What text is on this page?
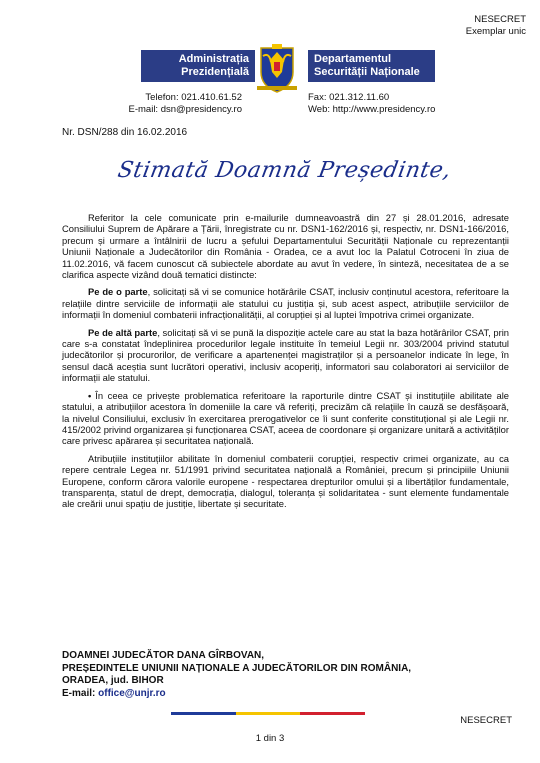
NESECRET
Exemplar unic
Administrația
Prezidențială
Departamentul
Securității Naționale
Telefon: 021.410.61.52
E-mail: dsn@presidency.ro
Fax: 021.312.11.60
Web: http://www.presidency.ro
Nr. DSN/288 din 16.02.2016
Stimată Doamnă Președinte,

Referitor la cele comunicate prin e-mailurile dumneavoastră din 27 și 28.01.2016, adresate Consiliului Suprem de Apărare a Țării, înregistrate cu nr. DSN1-162/2016 și, respectiv, nr. DSN1-166/2016, precum și urmare a întâlnirii de lucru a șefului Departamentului Securității Naționale cu reprezentanții Uniunii Naționale a Judecătorilor din România - Oradea, ce a avut loc la Palatul Cotroceni în ziua de 11.02.2016, vă facem cunoscut că subiectele abordate au avut în vedere, în sinteză, necesitatea de a se clarifica aspecte vizând două tematici distincte:

Pe de o parte, solicitați să vi se comunice hotărârile CSAT, inclusiv conținutul acestora, referitoare la relațiile dintre serviciile de informații ale statului cu justiția și, sub acest aspect, atribuțiile serviciilor de informații în domeniul combaterii infracționalității, al corupției și al luptei împotriva crimei organizate.

Pe de altă parte, solicitați să vi se pună la dispoziție actele care au stat la baza hotărârilor CSAT, prin care s-a constatat îndeplinirea procedurilor legale instituite în temeiul Legii nr. 303/2004 privind statutul judecătorilor și procurorilor, de verificare a apartenenței magistraților și a persoanelor indicate în lege, în sensul dacă aceștia sunt lucrători operativi, inclusiv acoperiți, informatori sau colaboratori ai serviciilor de informații ale statului.

• În ceea ce privește problematica referitoare la raporturile dintre CSAT și instituțiile abilitate ale statului, a atribuțiilor acestora în domeniile la care vă referiți, precizăm că relațiile în cauză se desfășoară, la nivelul Consiliului, exclusiv în exercitarea prerogativelor ce îi sunt conferite constituțional și ale Legii nr. 415/2002 privind organizarea și funcționarea CSAT, aceea de coordonare și organizare unitară a activităților care privesc apărarea și securitatea națională.

Atribuțiile instituțiilor abilitate în domeniul combaterii corupției, respectiv crimei organizate, au ca repere centrale Legea nr. 51/1991 privind securitatea națională a României, precum și principiile Uniunii Europene, conform cărora valorile europene - respectarea drepturilor omului și a libertăților fundamentale, transparența, statul de drept, democrația, dialogul, toleranța și solidaritatea - sunt elemente fundamentale ale creării unui spațiu de justiție, libertate și securitate.

DOAMNEI JUDECĂTOR DANA GÎRBOVAN,
PREȘEDINTELE UNIUNII NAȚIONALE A JUDECĂTORILOR DIN ROMÂNIA,
ORADEA, jud. BIHOR
E-mail: office@unjr.ro
NESECRET
1 din 3
